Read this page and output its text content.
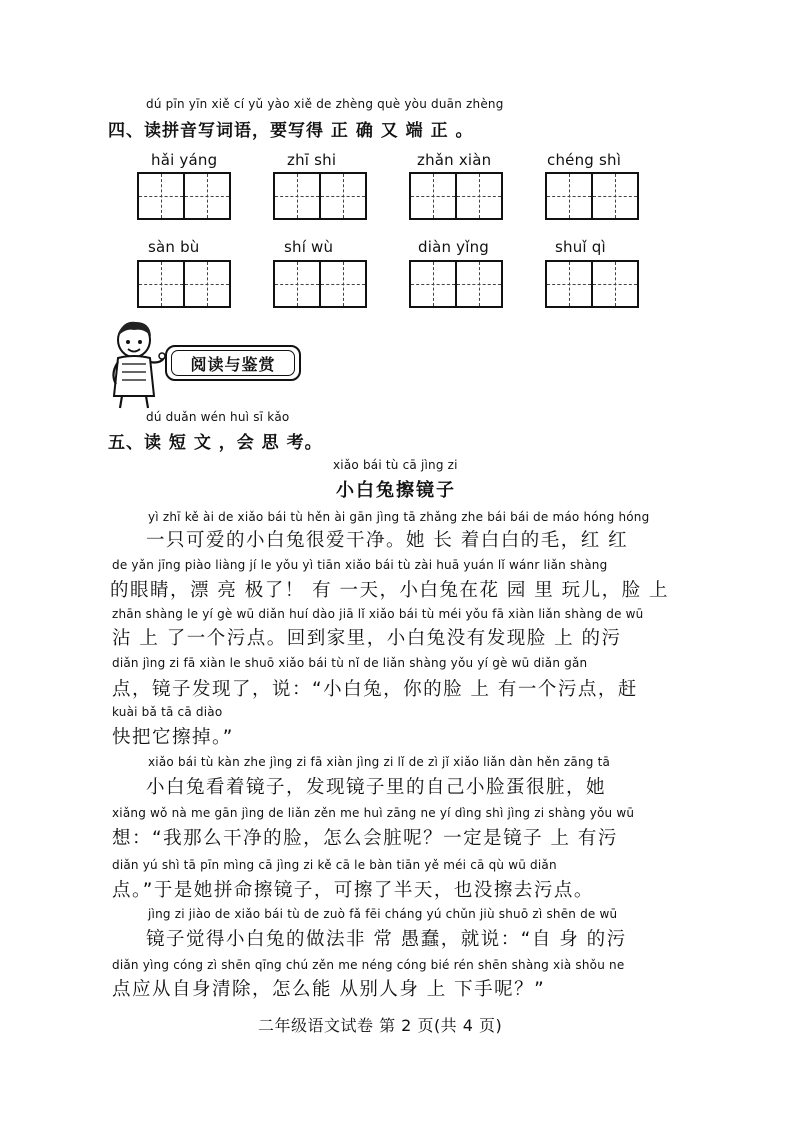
dú pīn yīn xiě cí yǔ yào xiě de zhèng què yòu duān zhèng
四、读拼音写词语，要写得 正 确 又 端 正 。
hǎi yáng	zhī shi	zhǎn xiàn	chéng shì
sàn bù	shí wù	diàn yǐng	shuǐ qì
阅读与鉴赏
dú duǎn wén huì sī kǎo
五、读 短 文 ，会 思 考。
xiǎo bái tù cā jìng zi
小白兔擦镜子
yì zhī kě ài de xiǎo bái tù hěn ài gān jìng tā zhǎng zhe bái bái de máo hóng hóng
一只可爱的小白兔很爱干净。她 长 着白白的毛，红 红
de yǎn jīng piào liàng jí le yǒu yì tiān xiǎo bái tù zài huā yuán lǐ wánr liǎn shàng
的眼睛，漂 亮 极了！ 有 一天，小白兔在花 园 里 玩儿，脸 上
zhān shàng le yí gè wū diǎn huí dào jiā lǐ xiǎo bái tù méi yǒu fā xiàn liǎn shàng de wū
沾 上 了一个污点。回到家里，小白兔没有发现脸 上 的污
diǎn jìng zi fā xiàn le shuō xiǎo bái tù nǐ de liǎn shàng yǒu yí gè wū diǎn gǎn
点，镜子发现了，说：“小白兔，你的脸 上 有一个污点，赶
kuài bǎ tā cā diào
快把它擦掉。”
xiǎo bái tù kàn zhe jìng zi fā xiàn jìng zi lǐ de zì jǐ xiǎo liǎn dàn hěn zāng tā
小白兔看着镜子，发现镜子里的自己小脸蛋很脏，她
xiǎng wǒ nà me gān jìng de liǎn zěn me huì zāng ne yí dìng shì jìng zi shàng yǒu wū
想：“我那么干净的脸，怎么会脏呢？一定是镜子 上 有污
diǎn yú shì tā pīn mìng cā jìng zi kě cā le bàn tiān yě méi cā qù wū diǎn
点。”于是她拼命擦镜子，可擦了半天，也没擦去污点。
jìng zi jiào de xiǎo bái tù de zuò fǎ fēi cháng yú chǔn jiù shuō zì shēn de wū
镜子觉得小白兔的做法非 常 愚蠢，就说：“自 身 的污
diǎn yìng cóng zì shēn qīng chú zěn me néng cóng bié rén shēn shàng xià shǒu ne
点应从自身清除，怎么能 从别人身 上 下手呢？”
二年级语文试卷 第 2 页(共 4 页)
